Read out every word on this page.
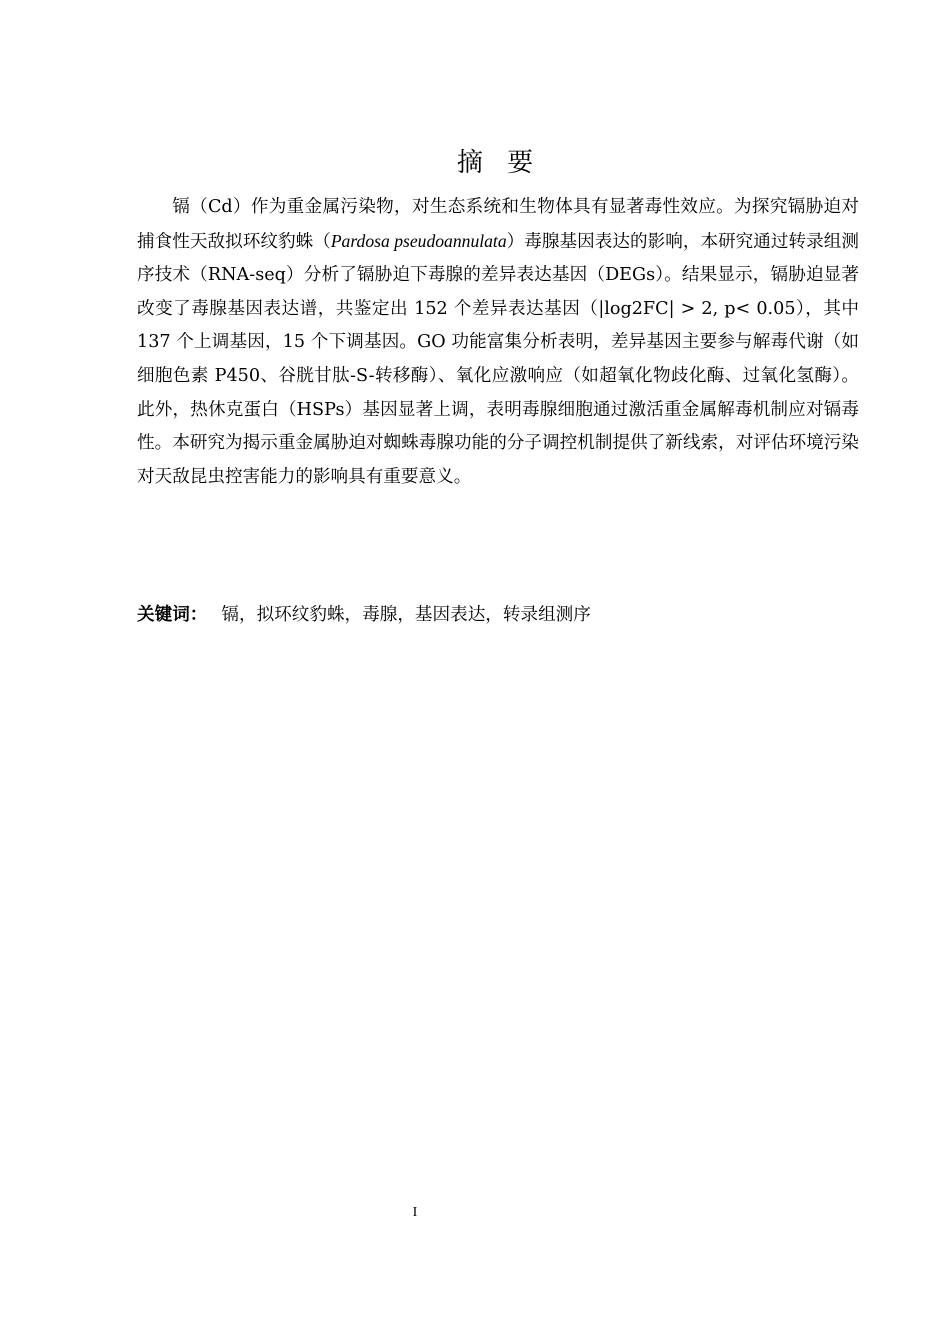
摘 要

镉（Cd）作为重金属污染物，对生态系统和生物体具有显著毒性效应。为探究镉胁迫对捕食性天敌拟环纹豹蛛（Pardosa pseudoannulata）毒腺基因表达的影响，本研究通过转录组测序技术（RNA-seq）分析了镉胁迫下毒腺的差异表达基因（DEGs）。结果显示，镉胁迫显著改变了毒腺基因表达谱，共鉴定出 152 个差异表达基因（|log2FC| > 2, p< 0.05），其中 137 个上调基因，15 个下调基因。GO 功能富集分析表明，差异基因主要参与解毒代谢（如细胞色素 P450、谷胱甘肽-S-转移酶）、氧化应激响应（如超氧化物歧化酶、过氧化氢酶）。此外，热休克蛋白（HSPs）基因显著上调，表明毒腺细胞通过激活重金属解毒机制应对镉毒性。本研究为揭示重金属胁迫对蜘蛛毒腺功能的分子调控机制提供了新线索，对评估环境污染对天敌昆虫控害能力的影响具有重要意义。

关键词： 镉，拟环纹豹蛛，毒腺，基因表达，转录组测序

I
